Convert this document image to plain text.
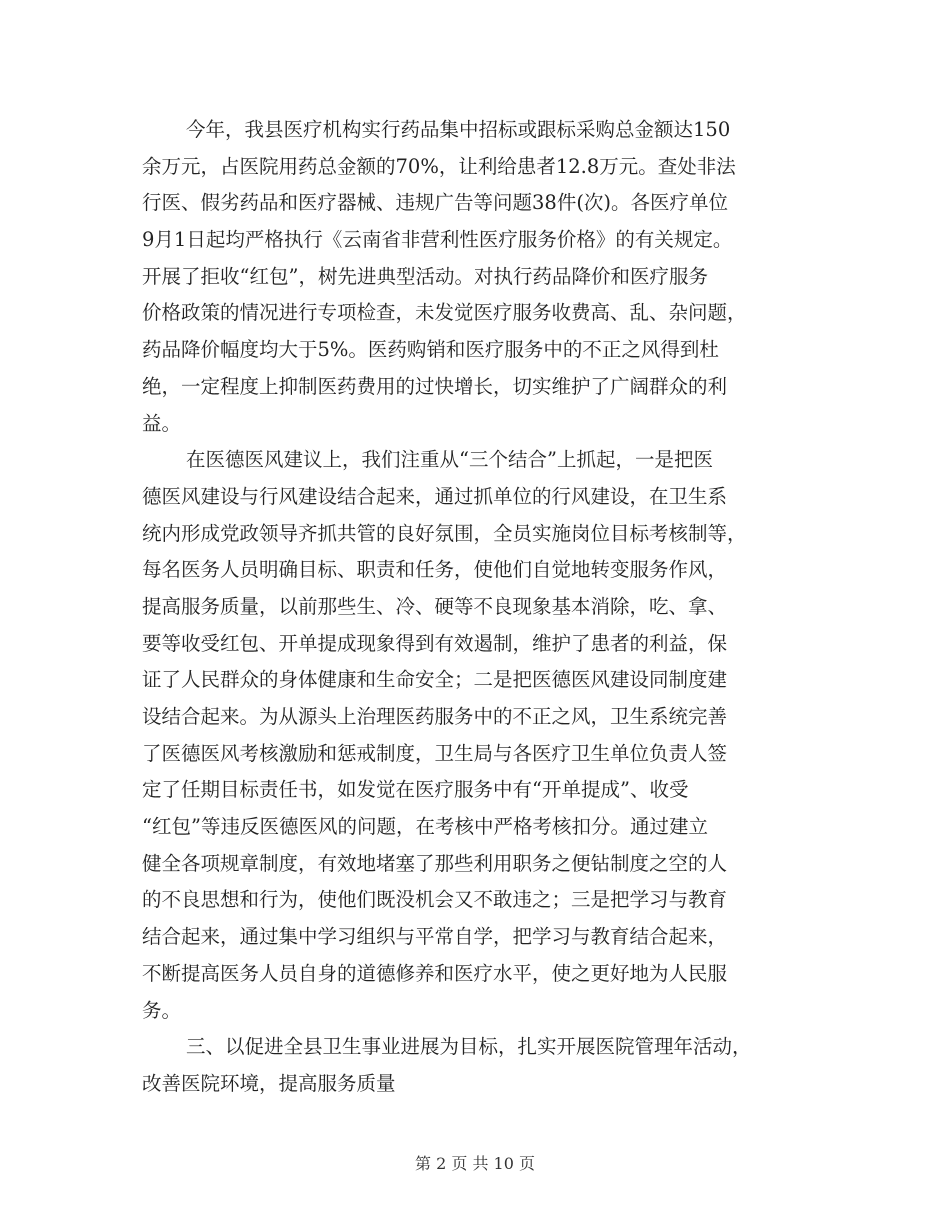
今年，我县医疗机构实行药品集中招标或跟标采购总金额达150
余万元，占医院用药总金额的70%，让利给患者12.8万元。查处非法
行医、假劣药品和医疗器械、违规广告等问题38件(次)。各医疗单位
9月1日起均严格执行《云南省非营利性医疗服务价格》的有关规定。
开展了拒收“红包”，树先进典型活动。对执行药品降价和医疗服务
价格政策的情况进行专项检查，未发觉医疗服务收费高、乱、杂问题，
药品降价幅度均大于5%。医药购销和医疗服务中的不正之风得到杜
绝，一定程度上抑制医药费用的过快增长，切实维护了广阔群众的利
益。
在医德医风建议上，我们注重从“三个结合”上抓起，一是把医
德医风建设与行风建设结合起来，通过抓单位的行风建设，在卫生系
统内形成党政领导齐抓共管的良好氛围，全员实施岗位目标考核制等，
每名医务人员明确目标、职责和任务，使他们自觉地转变服务作风，
提高服务质量，以前那些生、冷、硬等不良现象基本消除，吃、拿、
要等收受红包、开单提成现象得到有效遏制，维护了患者的利益，保
证了人民群众的身体健康和生命安全；二是把医德医风建设同制度建
设结合起来。为从源头上治理医药服务中的不正之风，卫生系统完善
了医德医风考核激励和惩戒制度，卫生局与各医疗卫生单位负责人签
定了任期目标责任书，如发觉在医疗服务中有“开单提成”、收受
“红包”等违反医德医风的问题，在考核中严格考核扣分。通过建立
健全各项规章制度，有效地堵塞了那些利用职务之便钻制度之空的人
的不良思想和行为，使他们既没机会又不敢违之；三是把学习与教育
结合起来，通过集中学习组织与平常自学，把学习与教育结合起来，
不断提高医务人员自身的道德修养和医疗水平，使之更好地为人民服
务。
三、以促进全县卫生事业进展为目标，扎实开展医院管理年活动，
改善医院环境，提高服务质量
第 2 页 共 10 页
